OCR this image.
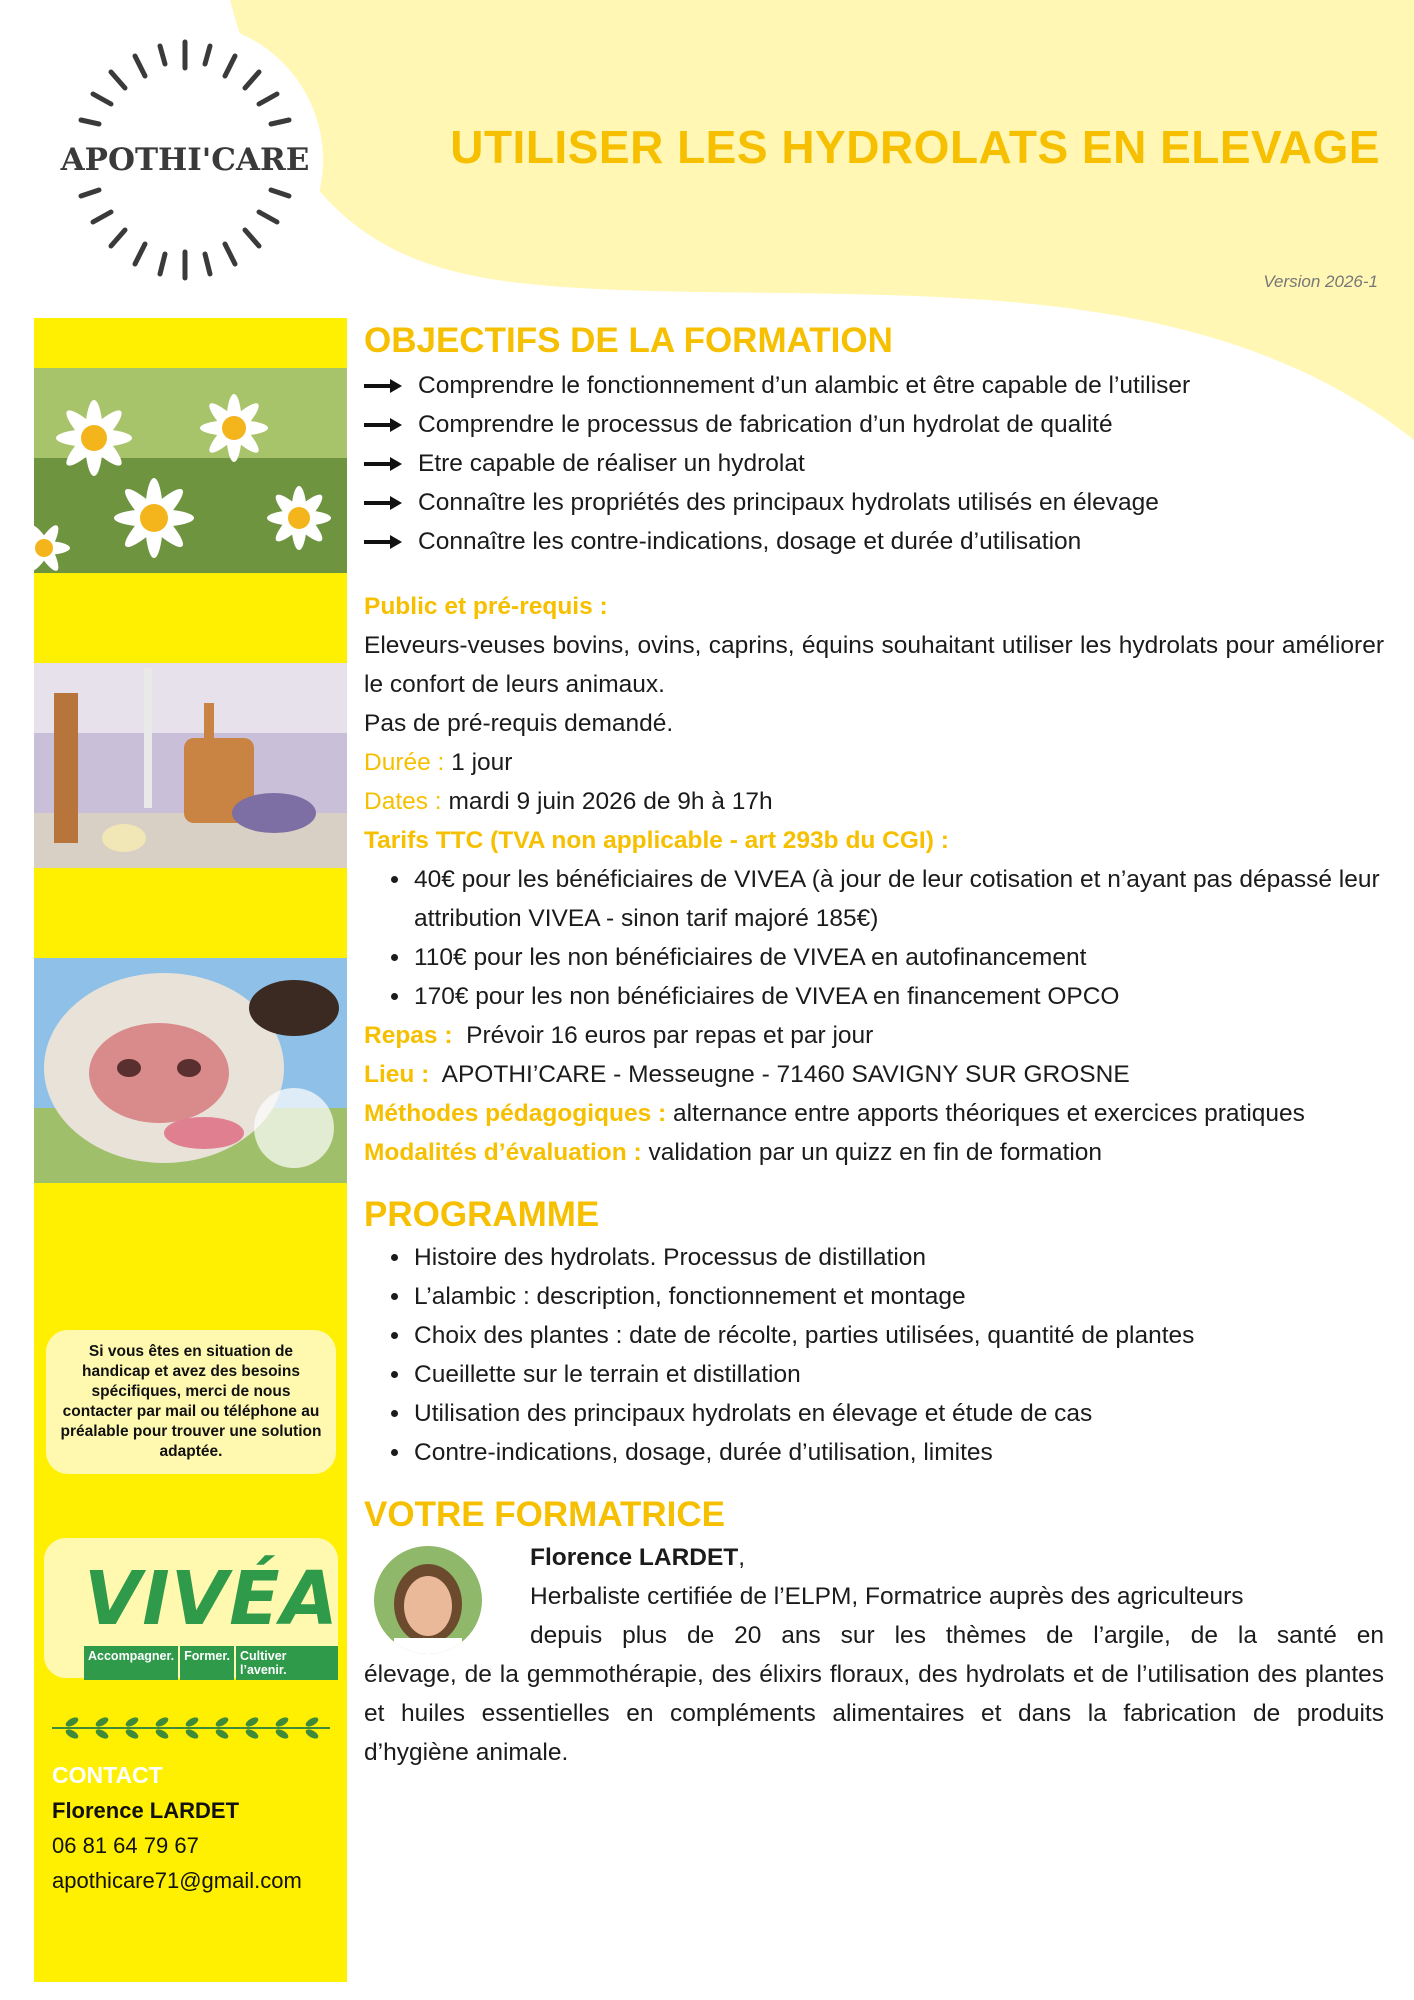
APOTHI'CARE	UTILISER LES HYDROLATS EN ELEVAGE
Version 2026-1
Si vous êtes en situation de handicap et avez des besoins spécifiques, merci de nous contacter par mail ou téléphone au préalable pour trouver une solution adaptée.
VIVÉA
Accompagner. Former. Cultiver l’avenir.
CONTACT
Florence LARDET
06 81 64 79 67
apothicare71@gmail.com
OBJECTIFS DE LA FORMATION
Comprendre le fonctionnement d’un alambic et être capable de l’utiliser
Comprendre le processus de fabrication d’un hydrolat de qualité
Etre capable de réaliser un hydrolat
Connaître les propriétés des principaux hydrolats utilisés en élevage
Connaître les contre-indications, dosage et durée d’utilisation
Public et pré-requis :
Eleveurs-veuses bovins, ovins, caprins, équins souhaitant utiliser les hydrolats pour améliorer le confort de leurs animaux.
Pas de pré-requis demandé.
Durée : 1 jour
Dates : mardi 9 juin 2026 de 9h à 17h
Tarifs TTC (TVA non applicable - art 293b du CGI) :
• 40€ pour les bénéficiaires de VIVEA (à jour de leur cotisation et n’ayant pas dépassé leur attribution VIVEA - sinon tarif majoré 185€)
• 110€ pour les non bénéficiaires de VIVEA en autofinancement
• 170€ pour les non bénéficiaires de VIVEA en financement OPCO
Repas : Prévoir 16 euros par repas et par jour
Lieu : APOTHI’CARE - Messeugne - 71460 SAVIGNY SUR GROSNE
Méthodes pédagogiques : alternance entre apports théoriques et exercices pratiques
Modalités d’évaluation : validation par un quizz en fin de formation
PROGRAMME
• Histoire des hydrolats. Processus de distillation
• L’alambic : description, fonctionnement et montage
• Choix des plantes : date de récolte, parties utilisées, quantité de plantes
• Cueillette sur le terrain et distillation
• Utilisation des principaux hydrolats en élevage et étude de cas
• Contre-indications, dosage, durée d’utilisation, limites
VOTRE FORMATRICE
Florence LARDET,
Herbaliste certifiée de l’ELPM, Formatrice auprès des agriculteurs
depuis plus de 20 ans sur les thèmes de l’argile, de la santé en
élevage, de la gemmothérapie, des élixirs floraux, des hydrolats et de l’utilisation des plantes et huiles essentielles en compléments alimentaires et dans la fabrication de produits d’hygiène animale.
